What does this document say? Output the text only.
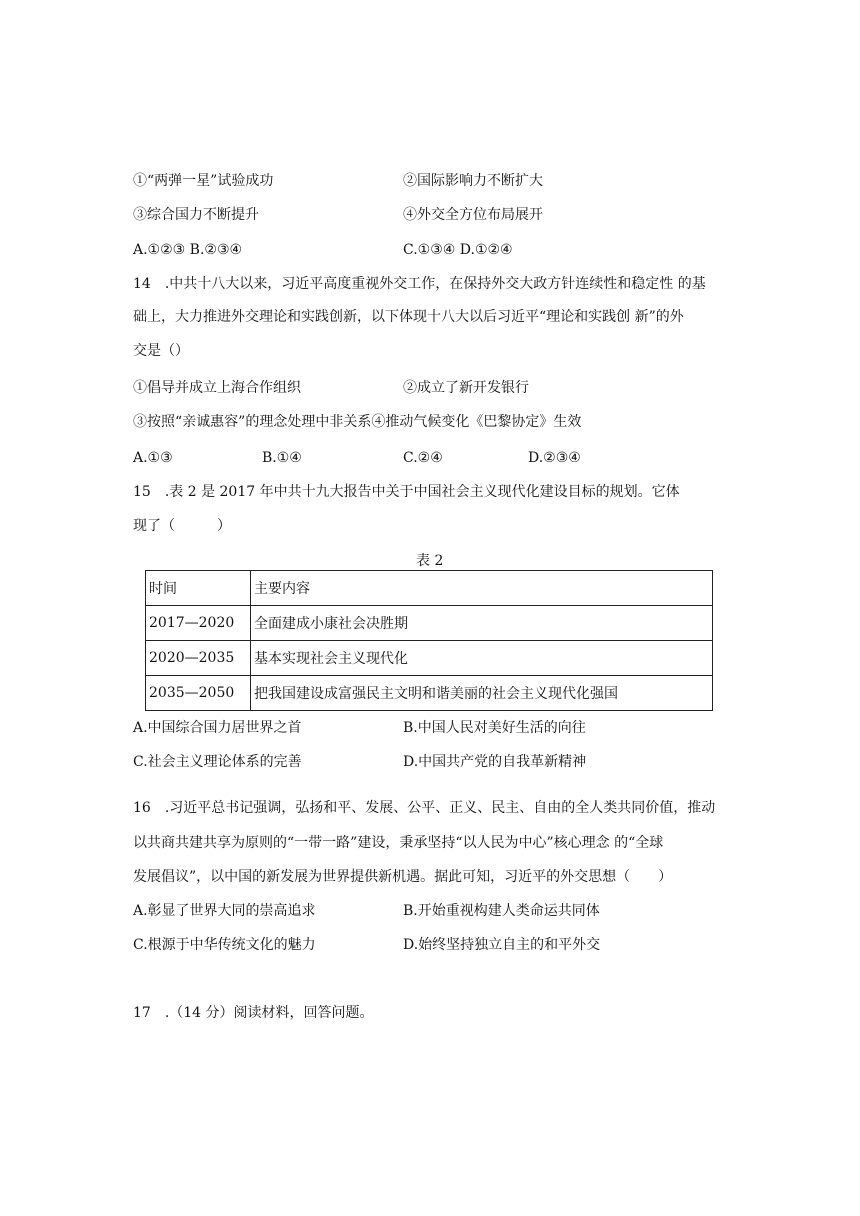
①“两弹一星”试验成功	②国际影响力不断扩大
③综合国力不断提升	④外交全方位布局展开
A.①②③ B.②③④	C.①③④ D.①②④
14　.中共十八大以来，习近平高度重视外交工作，在保持外交大政方针连续性和稳定性 的基
础上，大力推进外交理论和实践创新，以下体现十八大以后习近平“理论和实践创 新”的外
交是（）
①倡导并成立上海合作组织	②成立了新开发银行
③按照“亲诚惠容”的理念处理中非关系④推动气候变化《巴黎协定》生效
A.①③	B.①④	C.②④	D.②③④
15　.表 2 是 2017 年中共十九大报告中关于中国社会主义现代化建设目标的规划。它体
现了（　　　）
表 2
时间	主要内容
2017—2020	全面建成小康社会决胜期
2020—2035	基本实现社会主义现代化
2035—2050	把我国建设成富强民主文明和谐美丽的社会主义现代化强国
A.中国综合国力居世界之首	B.中国人民对美好生活的向往
C.社会主义理论体系的完善	D.中国共产党的自我革新精神
16　.习近平总书记强调，弘扬和平、发展、公平、正义、民主、自由的全人类共同价值，推动
以共商共建共享为原则的“一带一路”建设，秉承坚持“以人民为中心”核心理念 的“全球
发展倡议”，以中国的新发展为世界提供新机遇。据此可知，习近平的外交思想（　　）
A.彰显了世界大同的崇高追求	B.开始重视构建人类命运共同体
C.根源于中华传统文化的魅力	D.始终坚持独立自主的和平外交
17　.（14 分）阅读材料，回答问题。
